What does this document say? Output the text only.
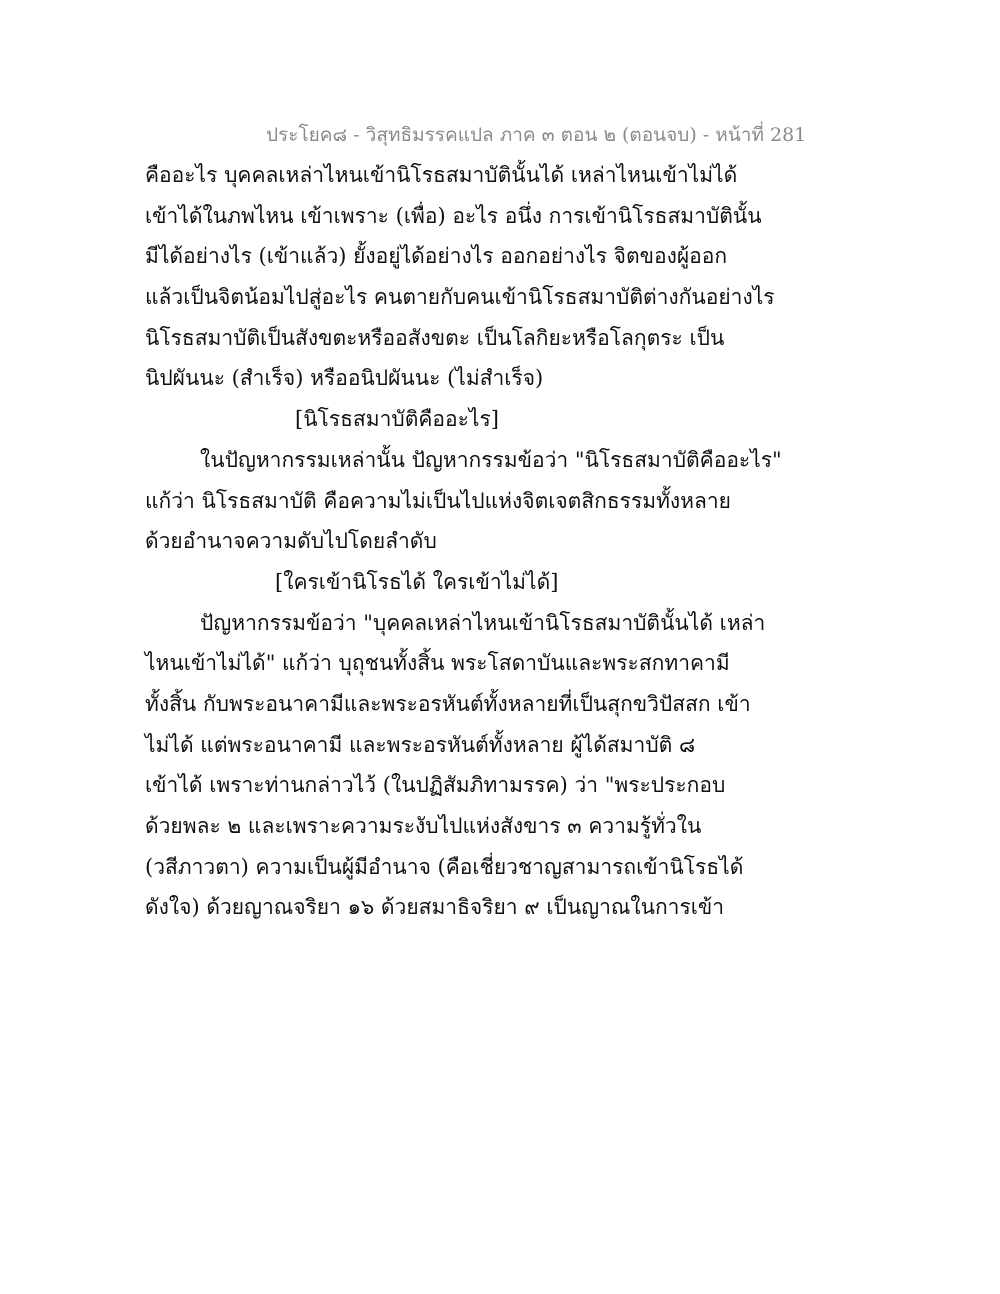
ประโยค๘ - วิสุทธิมรรคแปล ภาค ๓ ตอน ๒ (ตอนจบ) - หน้าที่ 281
คืออะไร บุคคลเหล่าไหนเข้านิโรธสมาบัตินั้นได้ เหล่าไหนเข้าไม่ได้
เข้าได้ในภพไหน เข้าเพราะ (เพื่อ) อะไร อนึ่ง การเข้านิโรธสมาบัตินั้น
มีได้อย่างไร (เข้าแล้ว) ยั้งอยู่ได้อย่างไร ออกอย่างไร จิตของผู้ออก
แล้วเป็นจิตน้อมไปสู่อะไร คนตายกับคนเข้านิโรธสมาบัติต่างกันอย่างไร
นิโรธสมาบัติเป็นสังขตะหรืออสังขตะ เป็นโลกิยะหรือโลกุตระ เป็น
นิปผันนะ (สำเร็จ) หรืออนิปผันนะ (ไม่สำเร็จ)
[นิโรธสมาบัติคืออะไร]
ในปัญหากรรมเหล่านั้น ปัญหากรรมข้อว่า "นิโรธสมาบัติคืออะไร"
แก้ว่า นิโรธสมาบัติ คือความไม่เป็นไปแห่งจิตเจตสิกธรรมทั้งหลาย
ด้วยอำนาจความดับไปโดยลำดับ
[ใครเข้านิโรธได้ ใครเข้าไม่ได้]
ปัญหากรรมข้อว่า "บุคคลเหล่าไหนเข้านิโรธสมาบัตินั้นได้ เหล่า
ไหนเข้าไม่ได้" แก้ว่า บุถุชนทั้งสิ้น พระโสดาบันและพระสกทาคามี
ทั้งสิ้น กับพระอนาคามีและพระอรหันต์ทั้งหลายที่เป็นสุกขวิปัสสก เข้า
ไม่ได้ แต่พระอนาคามี และพระอรหันต์ทั้งหลาย ผู้ได้สมาบัติ ๘
เข้าได้ เพราะท่านกล่าวไว้ (ในปฏิสัมภิทามรรค) ว่า "พระประกอบ
ด้วยพละ ๒ และเพราะความระงับไปแห่งสังขาร ๓ ความรู้ทั่วใน
(วสีภาวตา) ความเป็นผู้มีอำนาจ (คือเชี่ยวชาญสามารถเข้านิโรธได้
ดังใจ) ด้วยญาณจริยา ๑๖ ด้วยสมาธิจริยา ๙ เป็นญาณในการเข้า
